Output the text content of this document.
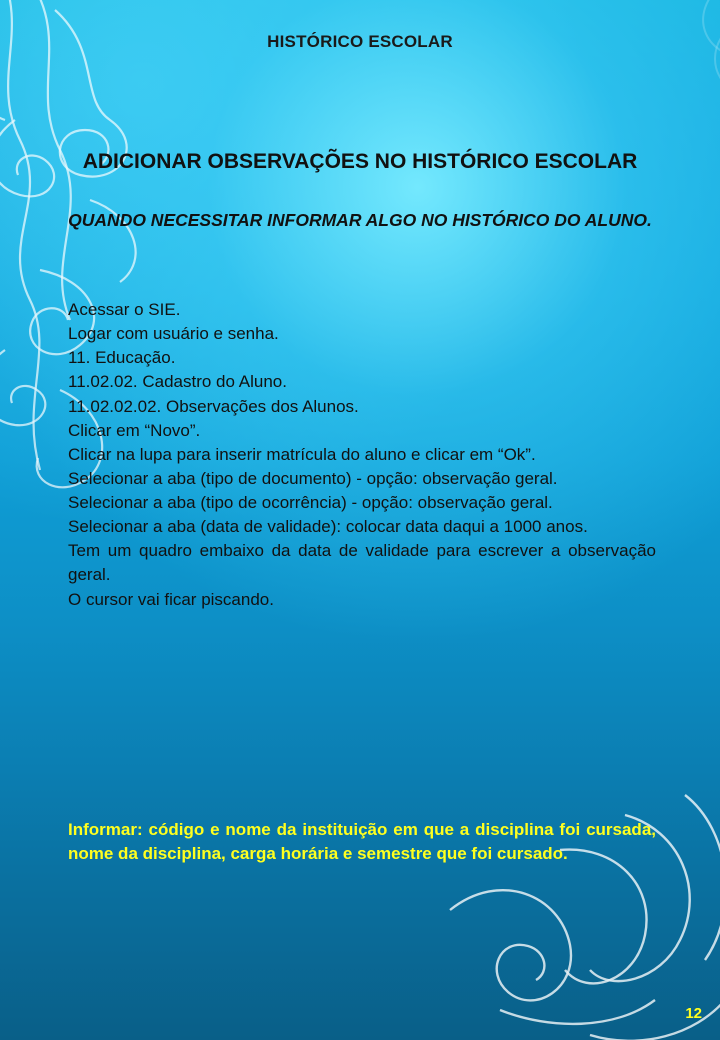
HISTÓRICO ESCOLAR
ADICIONAR OBSERVAÇÕES NO HISTÓRICO ESCOLAR
QUANDO NECESSITAR INFORMAR ALGO NO HISTÓRICO DO ALUNO.
Acessar o SIE.
Logar com usuário e senha.
11. Educação.
11.02.02. Cadastro do Aluno.
11.02.02.02. Observações dos Alunos.
Clicar em “Novo”.
Clicar na lupa para inserir matrícula do aluno e clicar em “Ok”.
Selecionar a aba (tipo de documento) - opção: observação geral.
Selecionar a aba (tipo de ocorrência) - opção: observação geral.
Selecionar a aba (data de validade): colocar data daqui a 1000 anos.
Tem um quadro embaixo da data de validade para escrever a observação geral.
O cursor vai ficar piscando.
Informar: código e nome da instituição em que a disciplina foi cursada, nome da disciplina, carga horária e semestre que foi cursado.
12
